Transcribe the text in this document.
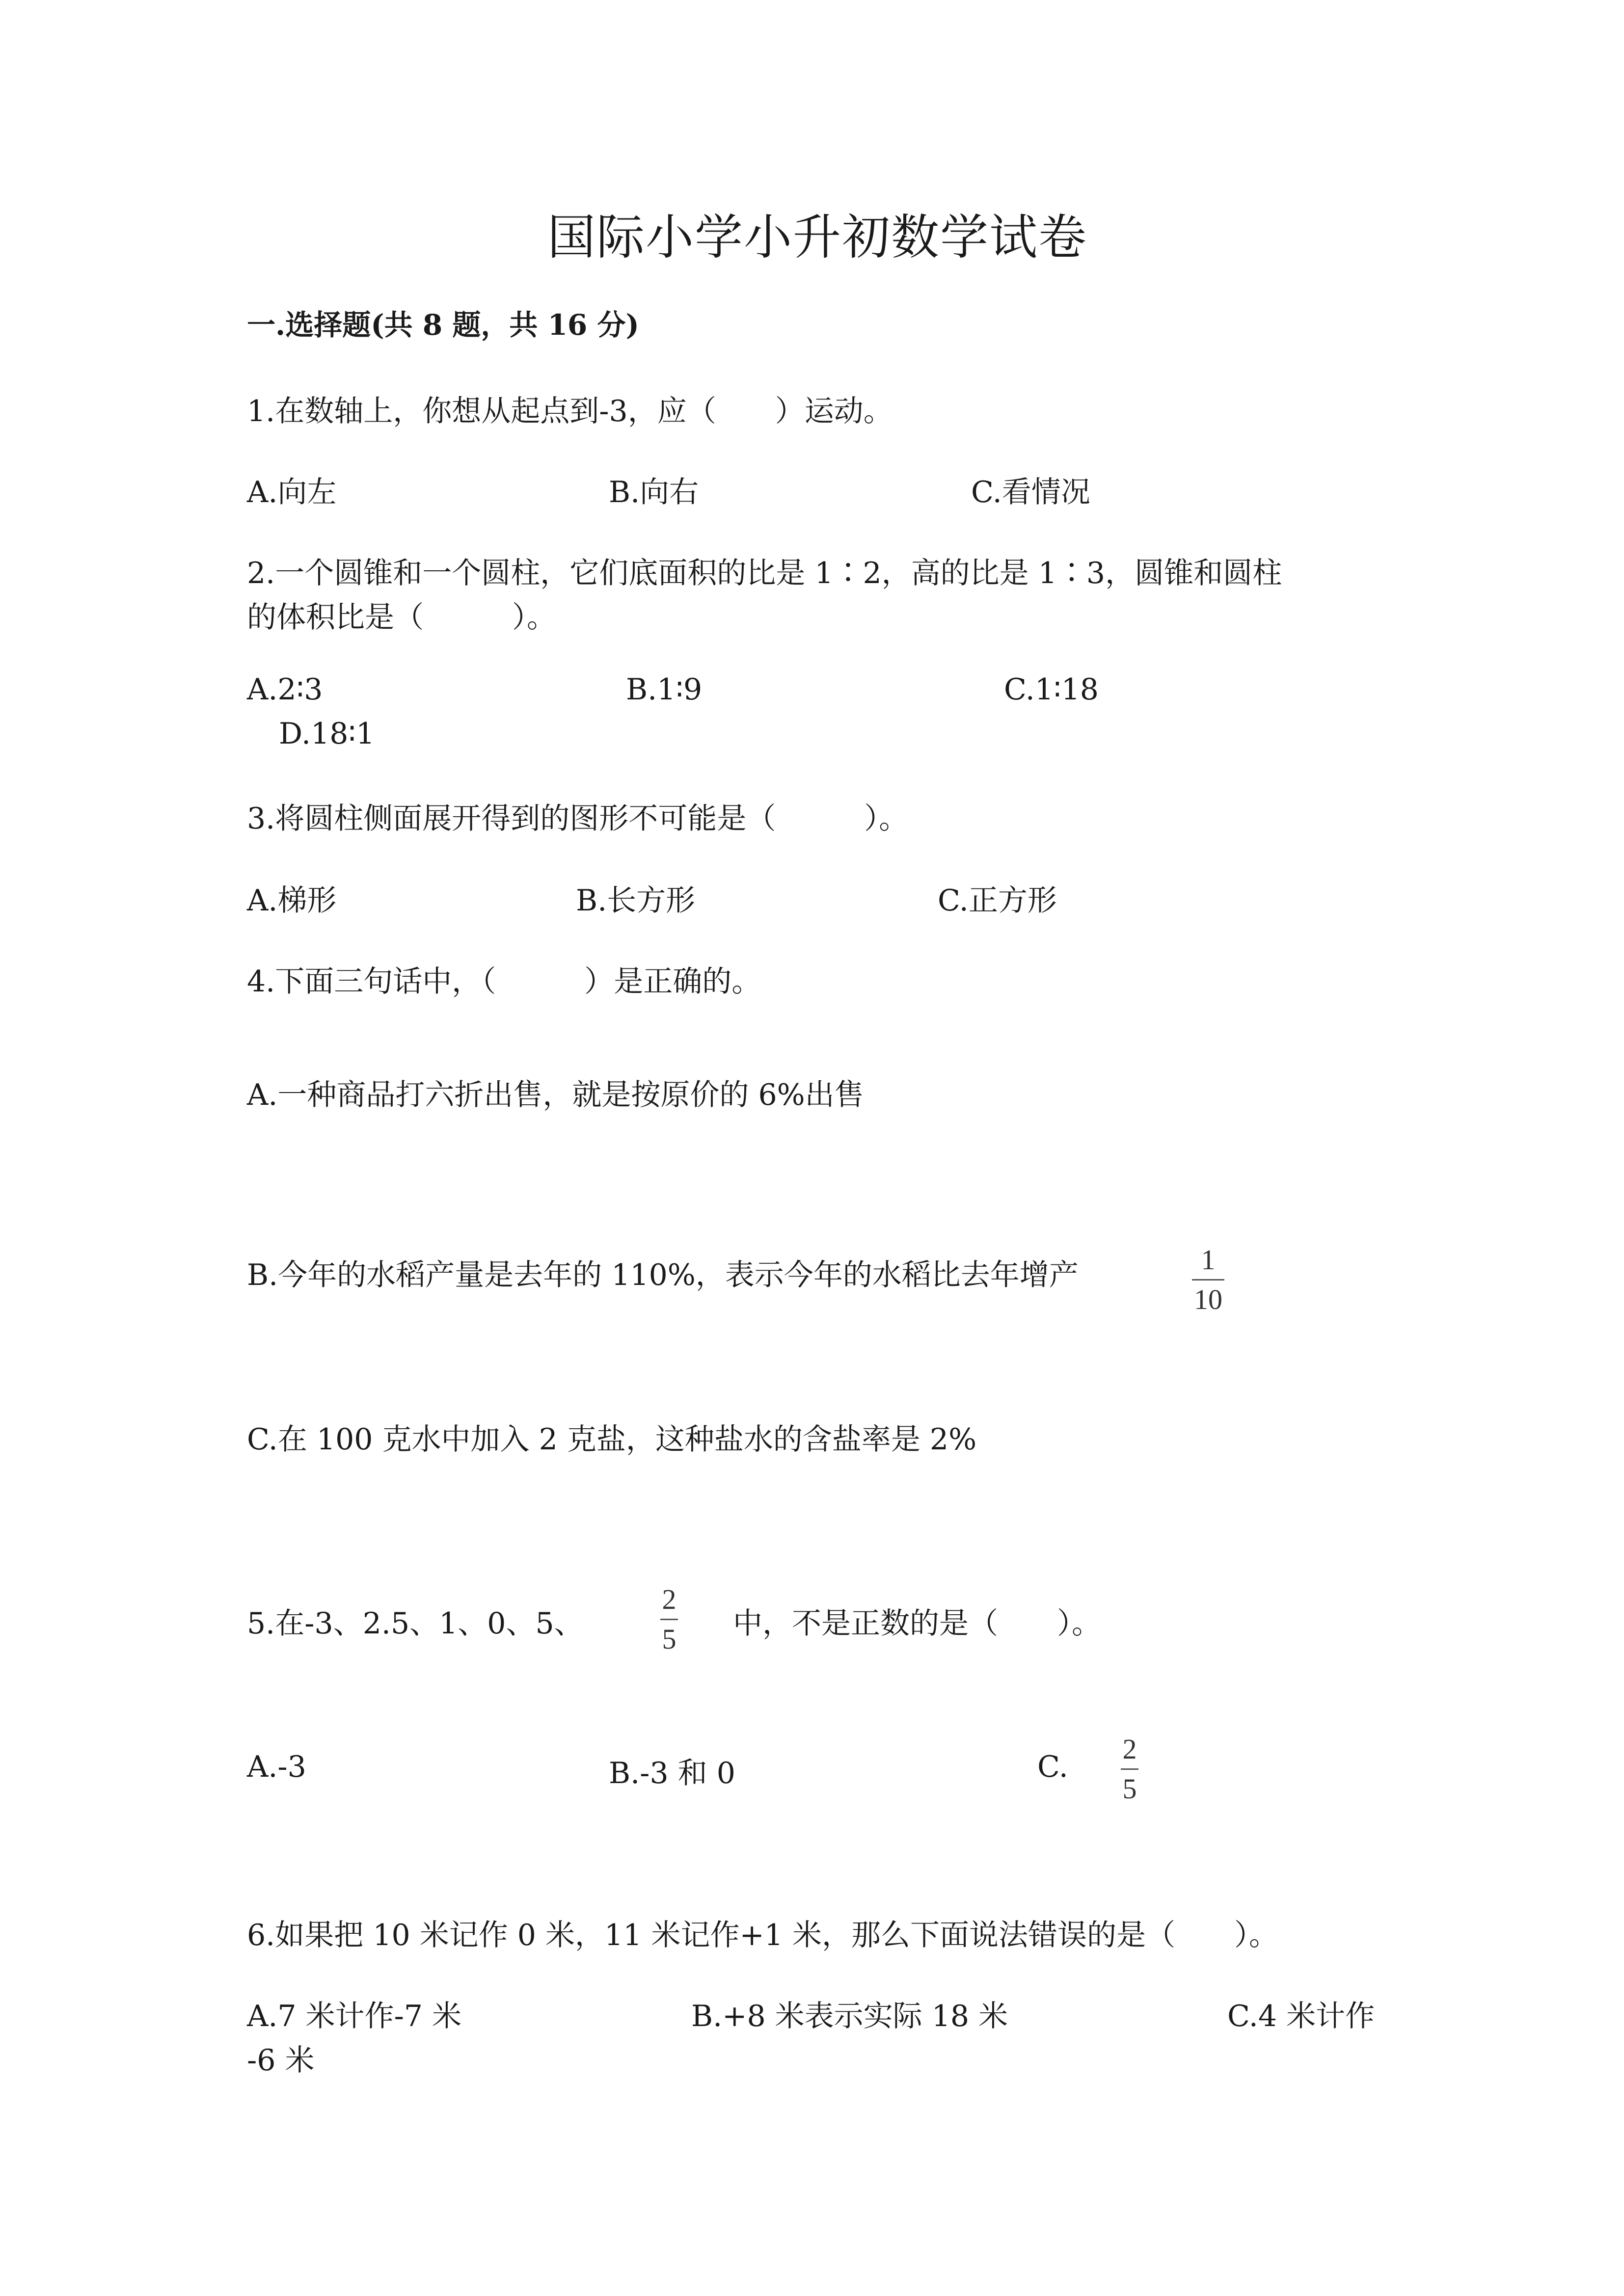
国际小学小升初数学试卷
一.选择题(共 8 题，共 16 分)
1.在数轴上，你想从起点到-3，应（　　）运动。
A.向左	B.向右	C.看情况
2.一个圆锥和一个圆柱，它们底面积的比是 1∶2，高的比是 1∶3，圆锥和圆柱
的体积比是（　　　）。
A.2∶3	B.1∶9	C.1∶18
D.18∶1
3.将圆柱侧面展开得到的图形不可能是（　　　）。
A.梯形	B.长方形	C.正方形
4.下面三句话中，（　　　）是正确的。
A.一种商品打六折出售，就是按原价的 6%出售
B.今年的水稻产量是去年的 110%，表示今年的水稻比去年增产	1
10
C.在 100 克水中加入 2 克盐，这种盐水的含盐率是 2%
5.在-3、2.5、1、0、5、
2
5 中，不是正数的是（　　）。
A.-3	B.-3 和 0	C.
2
5
6.如果把 10 米记作 0 米，11 米记作+1 米，那么下面说法错误的是（　　）。
A.7 米计作-7 米	B.+8 米表示实际 18 米	C.4 米计作
-6 米
